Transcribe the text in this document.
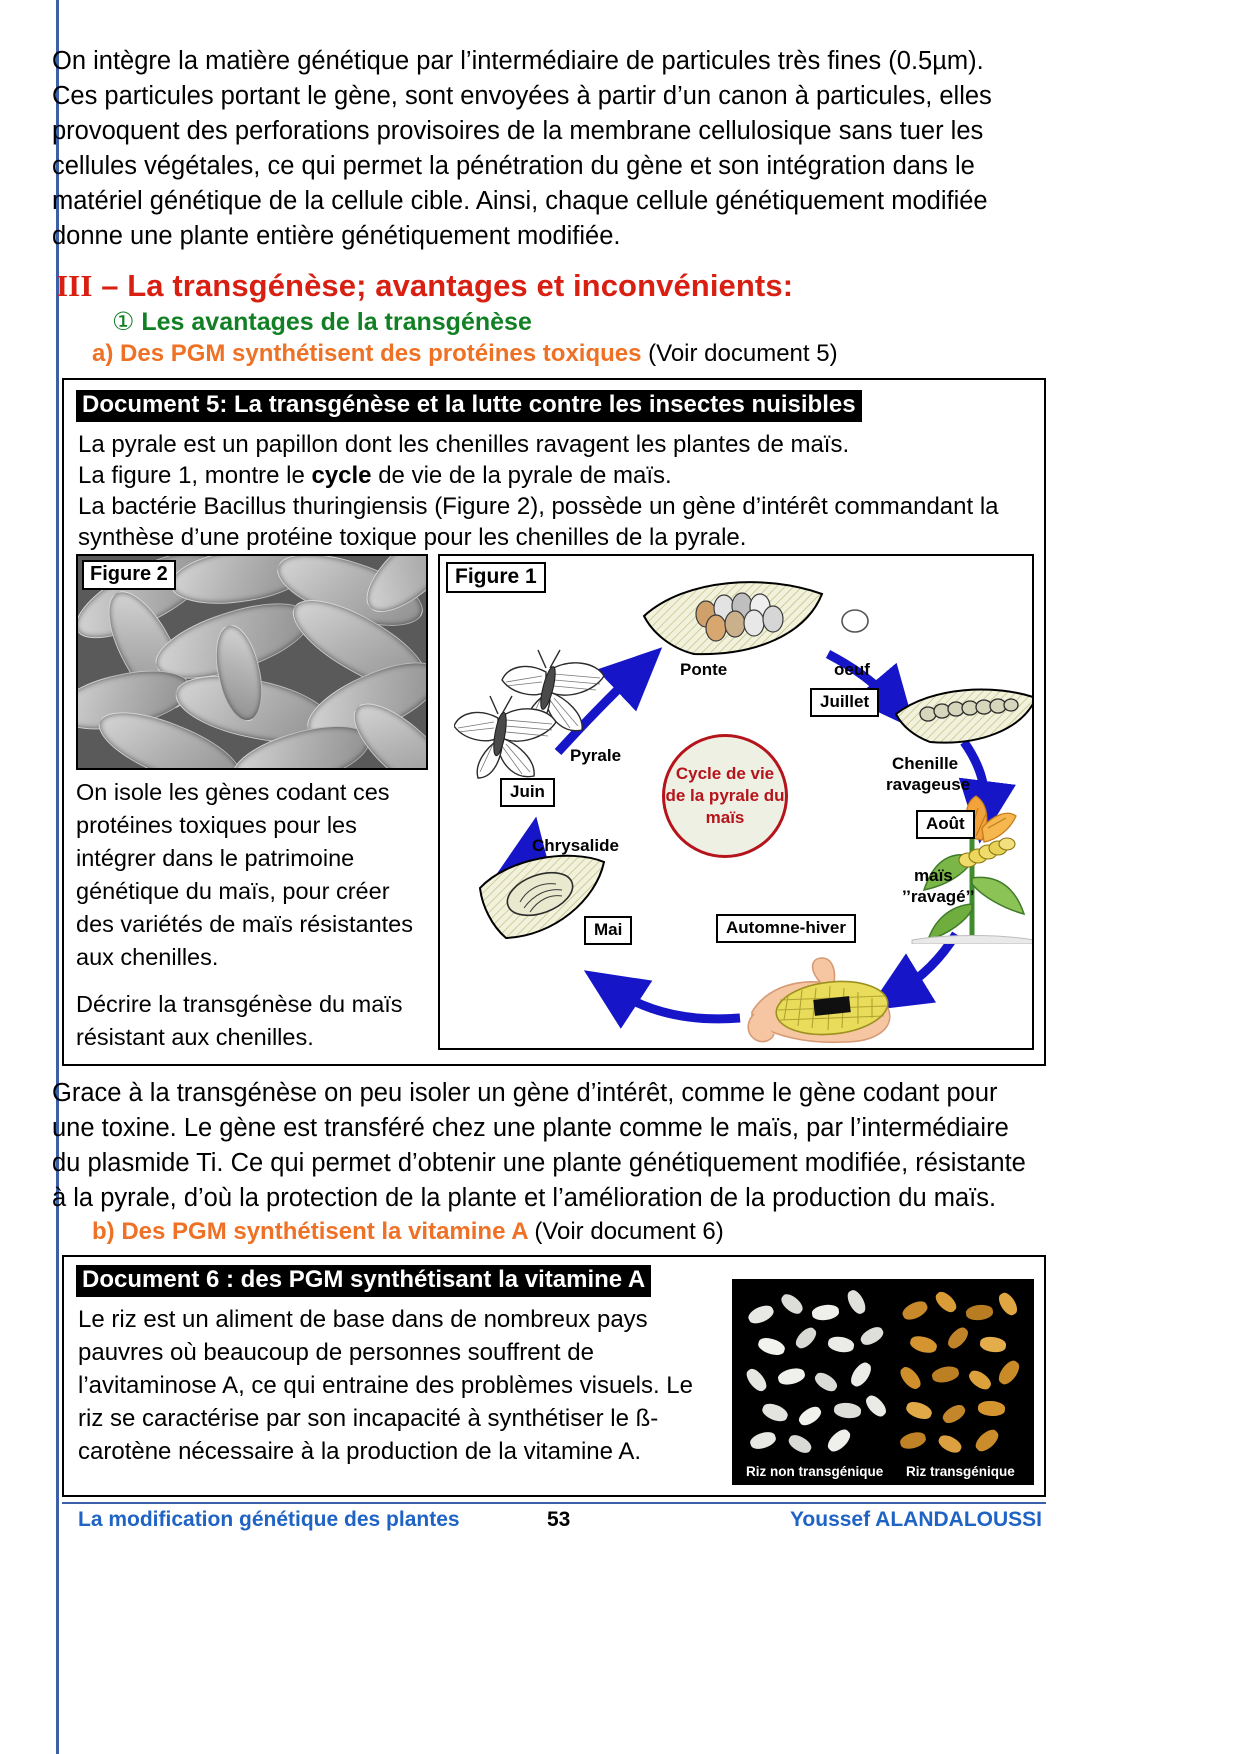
On intègre la matière génétique par l’intermédiaire de particules très fines (0.5µm). Ces particules portant le gène, sont envoyées à partir d’un canon à particules, elles provoquent des perforations provisoires de la membrane cellulosique sans tuer les cellules végétales, ce qui permet la pénétration du gène et son intégration dans le matériel génétique de la cellule cible. Ainsi, chaque cellule génétiquement modifiée donne une plante entière génétiquement modifiée.
III – La transgénèse; avantages et inconvénients:
① Les avantages de la transgénèse
a) Des PGM synthétisent des protéines toxiques (Voir document 5)
Document 5: La transgénèse et la lutte contre les insectes nuisibles
La pyrale est un papillon dont les chenilles ravagent les plantes de maïs.
La figure 1, montre le cycle de vie de la pyrale de maïs.
La bactérie Bacillus thuringiensis (Figure 2), possède un gène d’intérêt commandant la synthèse d’une protéine toxique pour les chenilles de la pyrale.
Figure 2

On isole les gènes codant ces protéines toxiques pour les intégrer dans le patrimoine génétique du maïs, pour créer des variétés de maïs résistantes aux chenilles.

Décrire la transgénèse du maïs résistant aux chenilles.

Figure 1
Ponte	oeuf
Juillet
Chenille
ravageuse
Août
maïs
’’ravagé’’
Automne-hiver
Chrysalide
Mai
Pyrale
Juin
Cycle de vie de la pyrale du maïs
Grace à la transgénèse on peu isoler un gène d’intérêt, comme le gène codant pour une toxine. Le gène est transféré chez une plante comme le maïs, par l’intermédiaire du plasmide Ti. Ce qui permet d’obtenir une plante génétiquement modifiée, résistante à la pyrale, d’où la protection de la plante et l’amélioration de la production du maïs.
b) Des PGM synthétisent la vitamine A (Voir document 6)
Document 6 : des PGM synthétisant la vitamine A
Le riz est un aliment de base dans de nombreux pays pauvres où beaucoup de personnes souffrent de l’avitaminose A, ce qui entraine des problèmes visuels. Le riz se caractérise par son incapacité à synthétiser le ß-carotène nécessaire à la production de la vitamine A.
Riz non transgénique Riz transgénique
La modification génétique des plantes	53	Youssef ALANDALOUSSI
